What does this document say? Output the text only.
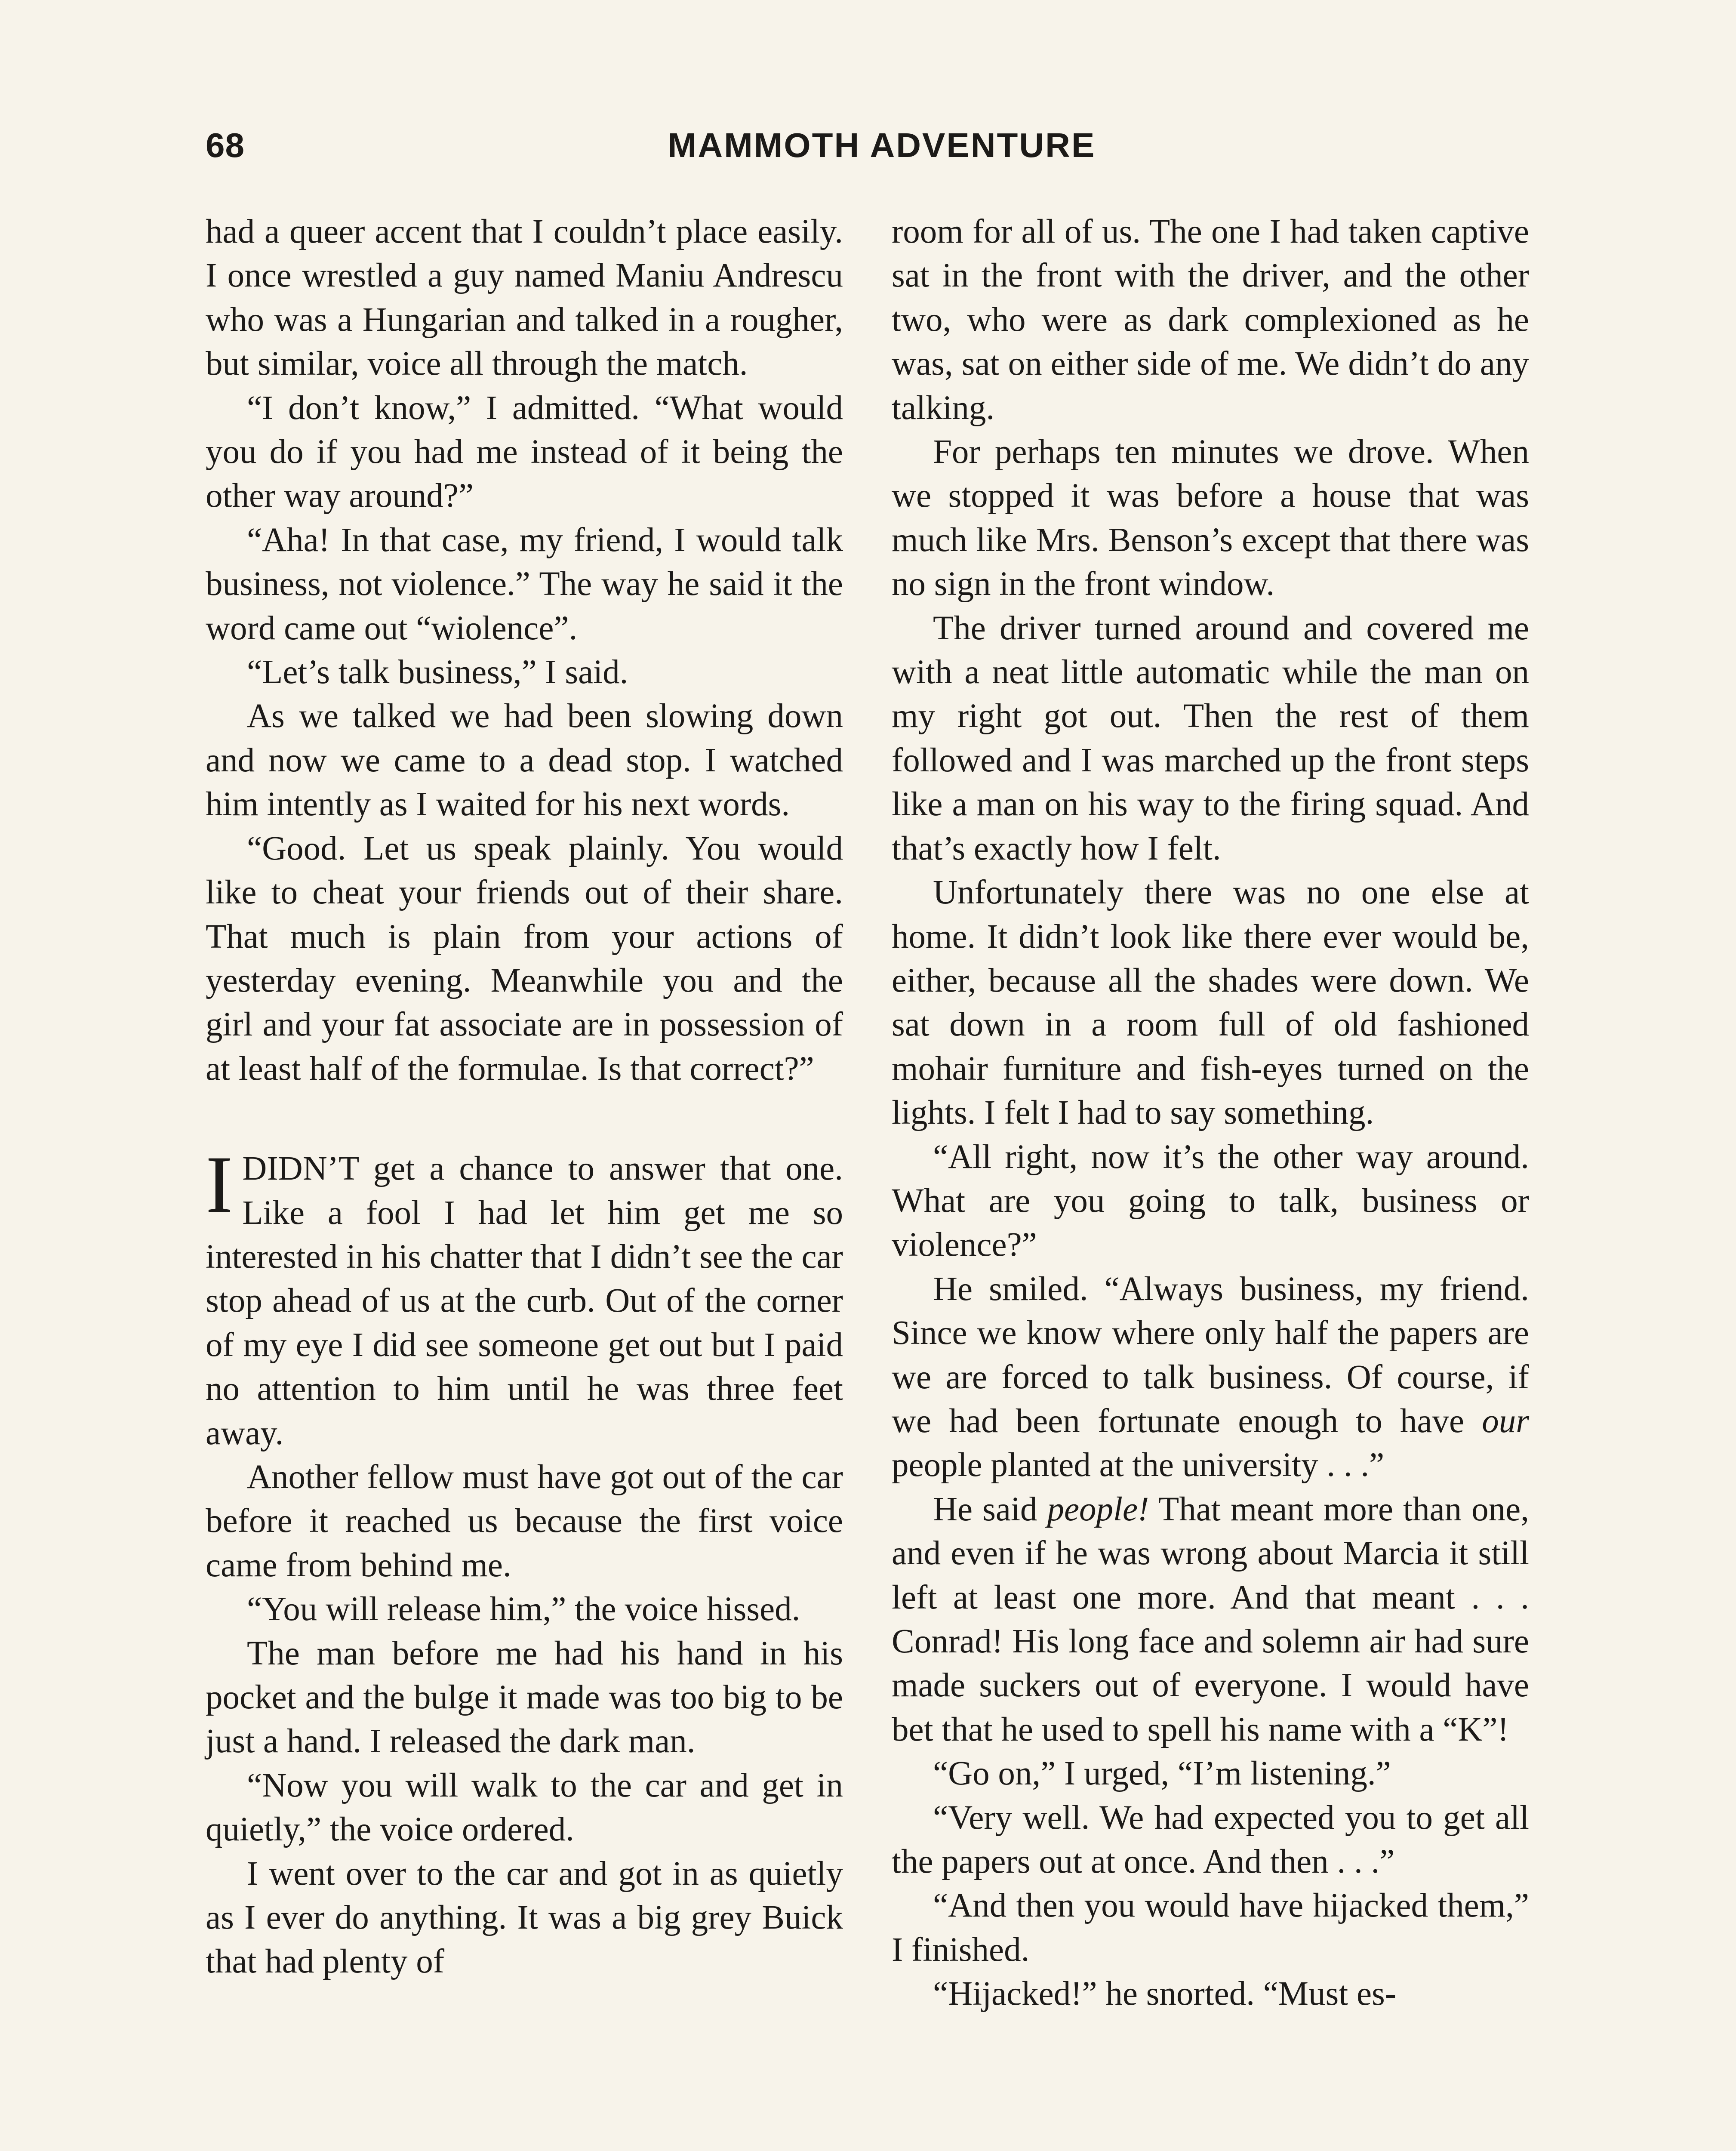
68	MAMMOTH ADVENTURE

had a queer accent that I couldn’t place easily. I once wrestled a guy named Maniu Andrescu who was a Hungarian and talked in a rougher, but similar, voice all through the match.

“I don’t know,” I admitted. “What would you do if you had me instead of it being the other way around?”

“Aha! In that case, my friend, I would talk business, not violence.” The way he said it the word came out “wiolence”.

“Let’s talk business,” I said.

As we talked we had been slowing down and now we came to a dead stop. I watched him intently as I waited for his next words.

“Good. Let us speak plainly. You would like to cheat your friends out of their share. That much is plain from your actions of yesterday evening. Meanwhile you and the girl and your fat associate are in possession of at least half of the formulae. Is that correct?”

IDIDN’T get a chance to answer that one. Like a fool I had let him get me so interested in his chatter that I didn’t see the car stop ahead of us at the curb. Out of the corner of my eye I did see someone get out but I paid no attention to him until he was three feet away.

Another fellow must have got out of the car before it reached us because the first voice came from behind me.

“You will release him,” the voice hissed.

The man before me had his hand in his pocket and the bulge it made was too big to be just a hand. I released the dark man.

“Now you will walk to the car and get in quietly,” the voice ordered.

I went over to the car and got in as quietly as I ever do anything. It was a big grey Buick that had plenty of

room for all of us. The one I had taken captive sat in the front with the driver, and the other two, who were as dark complexioned as he was, sat on either side of me. We didn’t do any talking.

For perhaps ten minutes we drove. When we stopped it was before a house that was much like Mrs. Benson’s except that there was no sign in the front window.

The driver turned around and covered me with a neat little automatic while the man on my right got out. Then the rest of them followed and I was marched up the front steps like a man on his way to the firing squad. And that’s exactly how I felt.

Unfortunately there was no one else at home. It didn’t look like there ever would be, either, because all the shades were down. We sat down in a room full of old fashioned mohair furniture and fish-eyes turned on the lights. I felt I had to say something.

“All right, now it’s the other way around. What are you going to talk, business or violence?”

He smiled. “Always business, my friend. Since we know where only half the papers are we are forced to talk business. Of course, if we had been fortunate enough to have our people planted at the university . . .”

He said people! That meant more than one, and even if he was wrong about Marcia it still left at least one more. And that meant . . . Conrad! His long face and solemn air had sure made suckers out of everyone. I would have bet that he used to spell his name with a “K”!

“Go on,” I urged, “I’m listening.”

“Very well. We had expected you to get all the papers out at once. And then . . .”

“And then you would have hijacked them,” I finished.

“Hijacked!” he snorted. “Must es-
